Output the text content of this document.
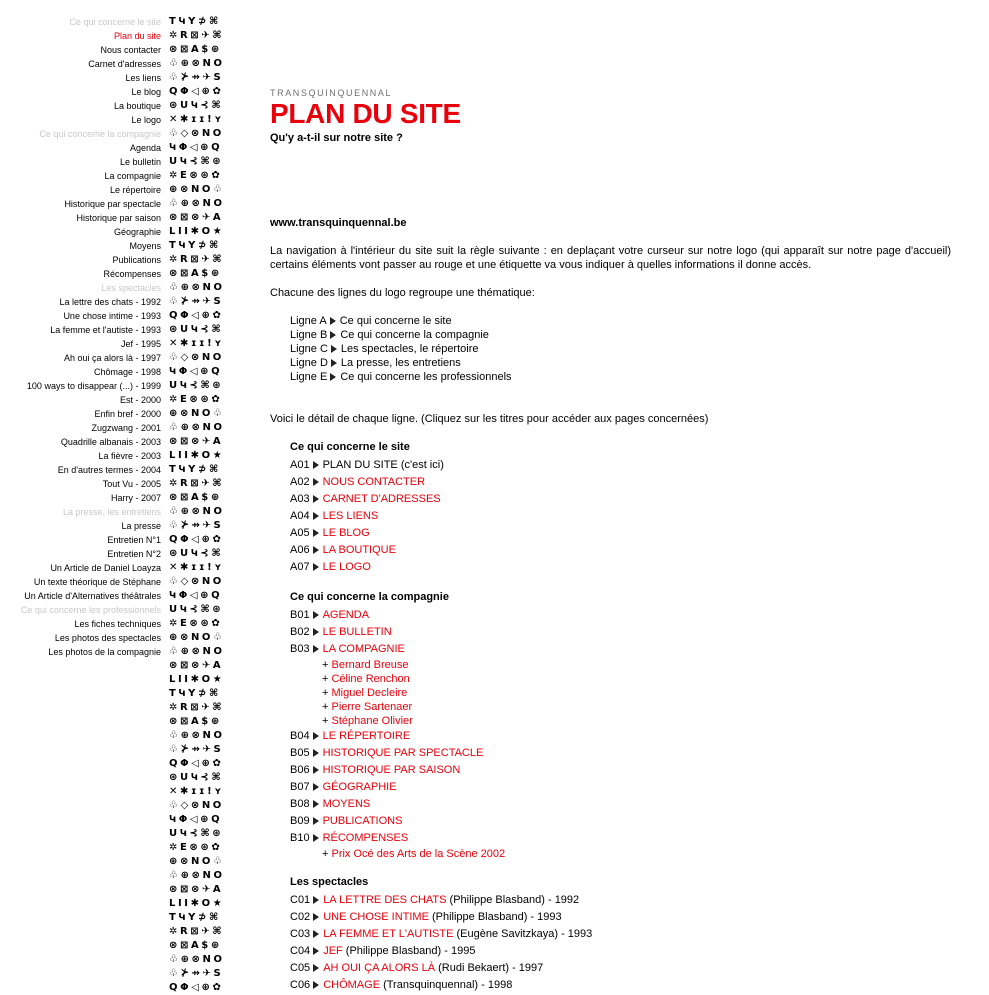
Ce qui concerne le site
Plan du site
Nous contacter
Carnet d'adresses
Les liens
Le blog
La boutique
Le logo
Ce qui concerne la compagnie
Agenda
Le bulletin
La compagnie
Le répertoire
Historique par spectacle
Historique par saison
Géographie
Moyens
Publications
Récompenses
Les spectacles
La lettre des chats - 1992
Une chose intime - 1993
La femme et l'autiste - 1993
Jef - 1995
Ah oui ça alors là - 1997
Chômage - 1998
100 ways to disappear (...) - 1999
Est - 2000
Enfin bref - 2000
Zugzwang - 2001
Quadrille albanais - 2003
La fièvre - 2003
En d'autres termes - 2004
Tout Vu - 2005
Harry - 2007
La presse, les entretiens
La presse
Entretien N°1
Entretien N°2
Un Article de Daniel Loayza
Un texte théorique de Stéphane
Un Article d'Alternatives théâtrales
Ce qui concerne les professionnels
Les fiches techniques
Les photos des spectacles
Les photos de la compagnie
TԿY⊅⌘
✲R⊠✈⌘
⊗⊠A$⊕
♧⊕⊗NO
♧⊁⇸✈S
QΦ◁⊕✿
⊛UԿ⊰⌘
✕✱ɪɪ!ʏ
♧◇⊗NO
ԿΦ◁⊕Q
UԿ⊰⌘⊛
✲E⊗⊛✿
⊕⊗NO♧
♧⊕⊗NO
⊗⊠⊗✈A
LII✱O★
TԿY⊅⌘
✲R⊠✈⌘
⊗⊠A$⊕
♧⊕⊗NO
♧⊁⇸✈S
QΦ◁⊕✿
⊛UԿ⊰⌘
✕✱ɪɪ!ʏ
♧◇⊗NO
ԿΦ◁⊕Q
UԿ⊰⌘⊛
✲E⊗⊛✿
⊕⊗NO♧
♧⊕⊗NO
⊗⊠⊗✈A
LII✱O★
TԿY⊅⌘
✲R⊠✈⌘
⊗⊠A$⊕
♧⊕⊗NO
♧⊁⇸✈S
QΦ◁⊕✿
⊛UԿ⊰⌘
✕✱ɪɪ!ʏ
♧◇⊗NO
ԿΦ◁⊕Q
UԿ⊰⌘⊛
✲E⊗⊛✿
⊕⊗NO♧
♧⊕⊗NO
⊗⊠⊗✈A
LII✱O★
TԿY⊅⌘
✲R⊠✈⌘
⊗⊠A$⊕
♧⊕⊗NO
♧⊁⇸✈S
QΦ◁⊕✿
⊛UԿ⊰⌘
✕✱ɪɪ!ʏ
♧◇⊗NO
ԿΦ◁⊕Q
UԿ⊰⌘⊛
✲E⊗⊛✿
⊕⊗NO♧
♧⊕⊗NO
⊗⊠⊗✈A
LII✱O★
TԿY⊅⌘
✲R⊠✈⌘
⊗⊠A$⊕
♧⊕⊗NO
♧⊁⇸✈S
QΦ◁⊕✿

TRANSQUINQUENNAL

PLAN DU SITE

Qu'y a-t-il sur notre site ?

www.transquinquennal.be

La navigation à l'intérieur du site suit la règle suivante : en deplaçant votre curseur sur notre logo (qui apparaît sur notre page d'accueil) certains éléments vont passer au rouge et une étiquette va vous indiquer à quelles informations il donne accès.

Chacune des lignes du logo regroupe une thématique:

Ligne A Ce qui concerne le site
Ligne B Ce qui concerne la compagnie
Ligne C Les spectacles, le répertoire
Ligne D La presse, les entretiens
Ligne E Ce qui concerne les professionnels

Voici le détail de chaque ligne. (Cliquez sur les titres pour accéder aux pages concernées)

Ce qui concerne le site
A01 PLAN DU SITE (c'est ici)
A02 NOUS CONTACTER
A03 CARNET D'ADRESSES
A04 LES LIENS
A05 LE BLOG
A06 LA BOUTIQUE
A07 LE LOGO
Ce qui concerne la compagnie
B01 AGENDA
B02 LE BULLETIN
B03 LA COMPAGNIE
+ Bernard Breuse
+ Céline Renchon
+ Miguel Decleire
+ Pierre Sartenaer
+ Stéphane Olivier
B04 LE RÉPERTOIRE
B05 HISTORIQUE PAR SPECTACLE
B06 HISTORIQUE PAR SAISON
B07 GÉOGRAPHIE
B08 MOYENS
B09 PUBLICATIONS
B10 RÉCOMPENSES
+ Prix Océ des Arts de la Scène 2002
Les spectacles
C01 LA LETTRE DES CHATS (Philippe Blasband) - 1992
C02 UNE CHOSE INTIME (Philippe Blasband) - 1993
C03 LA FEMME ET L'AUTISTE (Eugène Savitzkaya) - 1993
C04 JEF (Philippe Blasband) - 1995
C05 AH OUI ÇA ALORS LÀ (Rudi Bekaert) - 1997
C06 CHÔMAGE (Transquinquennal) - 1998
